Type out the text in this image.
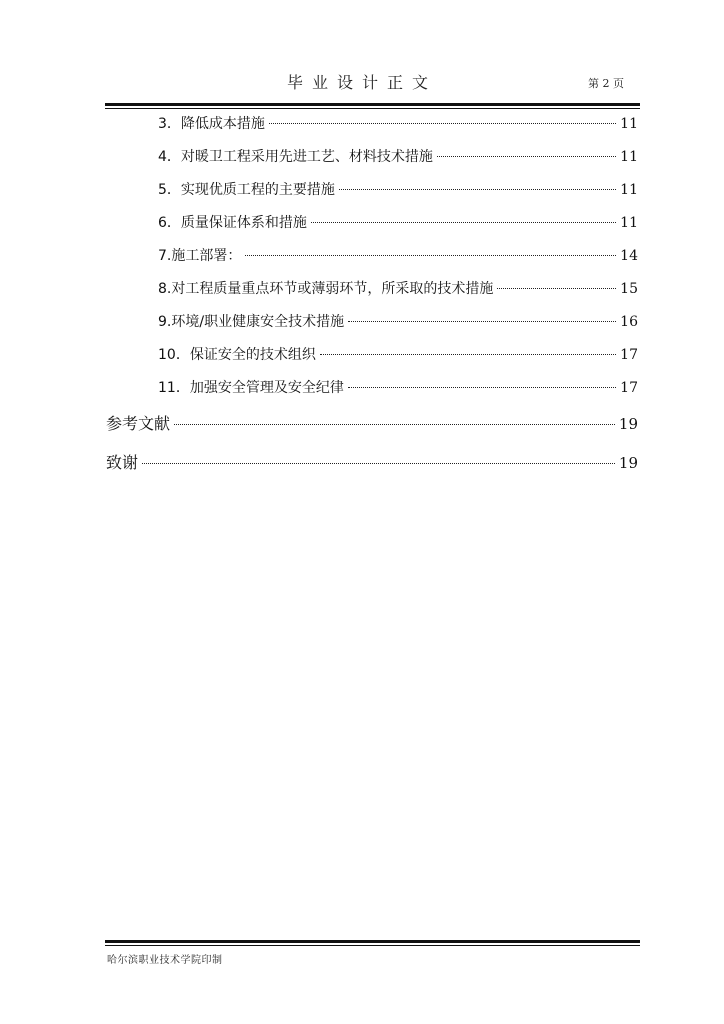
毕业设计正文	第 2 页
3．降低成本措施	11
4．对暖卫工程采用先进工艺、材料技术措施	11
5．实现优质工程的主要措施	11
6．质量保证体系和措施	11
7.施工部署：	14
8.对工程质量重点环节或薄弱环节，所采取的技术措施	15
9.环境/职业健康安全技术措施	16
10．保证安全的技术组织	17
11．加强安全管理及安全纪律	17
参考文献	19
致谢	19
哈尔滨职业技术学院印制
